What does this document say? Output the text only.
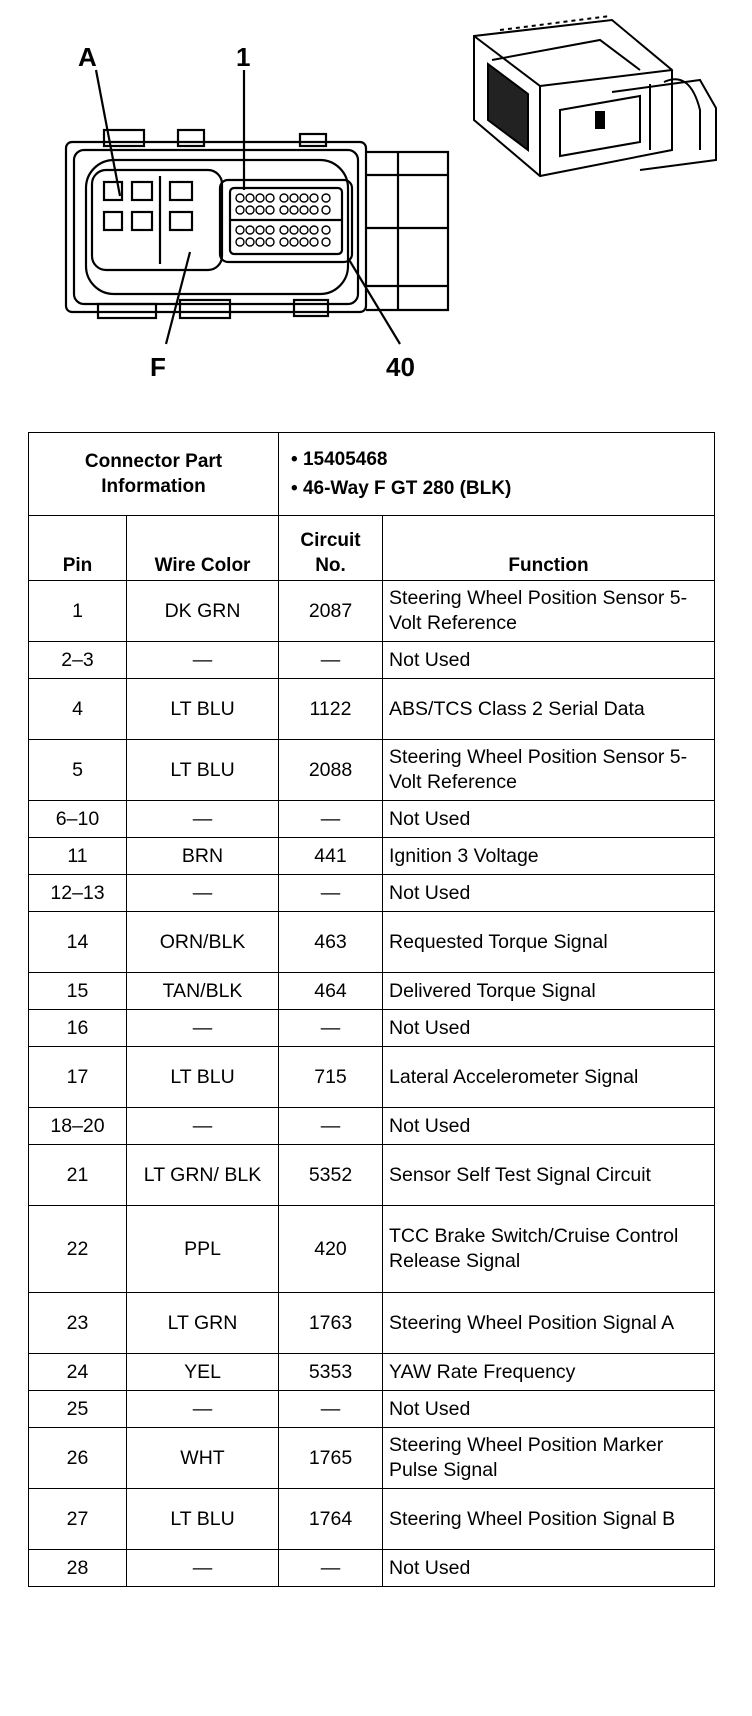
A	1
F	40
Connector Part Information		• 15405468
• 46-Way F GT 280 (BLK)	

Pin	Wire Color	Circuit No.	Function
1	DK GRN	2087	Steering Wheel Position Sensor 5-Volt Reference
2–3	—	—	Not Used
4	LT BLU	1122	ABS/TCS Class 2 Serial Data
5	LT BLU	2088	Steering Wheel Position Sensor 5-Volt Reference
6–10	—	—	Not Used
11	BRN	441	Ignition 3 Voltage
12–13	—	—	Not Used
14	ORN/BLK	463	Requested Torque Signal
15	TAN/BLK	464	Delivered Torque Signal
16	—	—	Not Used
17	LT BLU	715	Lateral Accelerometer Signal
18–20	—	—	Not Used
21	LT GRN/ BLK	5352	Sensor Self Test Signal Circuit
22	PPL	420	TCC Brake Switch/Cruise Control Release Signal
23	LT GRN	1763	Steering Wheel Position Signal A
24	YEL	5353	YAW Rate Frequency
25	—	—	Not Used
26	WHT	1765	Steering Wheel Position Marker Pulse Signal
27	LT BLU	1764	Steering Wheel Position Signal B
28	—	—	Not Used
